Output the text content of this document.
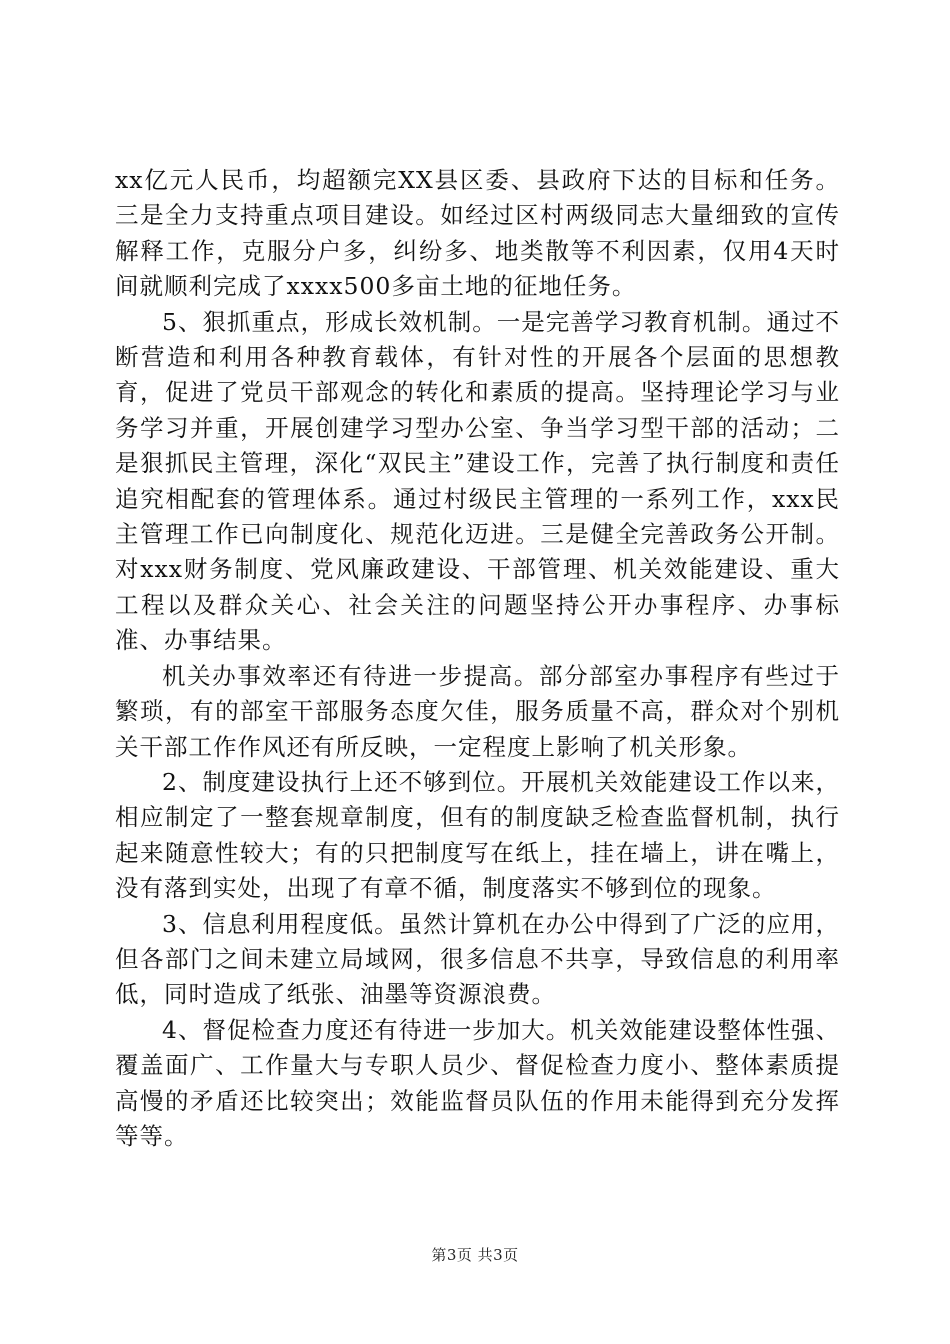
xx亿元人民币，均超额完XX县区委、县政府下达的目标和任务。三是全力支持重点项目建设。如经过区村两级同志大量细致的宣传解释工作，克服分户多，纠纷多、地类散等不利因素，仅用4天时间就顺利完成了xxxx500多亩土地的征地任务。

5、狠抓重点，形成长效机制。一是完善学习教育机制。通过不断营造和利用各种教育载体，有针对性的开展各个层面的思想教育，促进了党员干部观念的转化和素质的提高。坚持理论学习与业务学习并重，开展创建学习型办公室、争当学习型干部的活动；二是狠抓民主管理，深化“双民主”建设工作，完善了执行制度和责任追究相配套的管理体系。通过村级民主管理的一系列工作，xxx民主管理工作已向制度化、规范化迈进。三是健全完善政务公开制。对xxx财务制度、党风廉政建设、干部管理、机关效能建设、重大工程以及群众关心、社会关注的问题坚持公开办事程序、办事标准、办事结果。

机关办事效率还有待进一步提高。部分部室办事程序有些过于繁琐，有的部室干部服务态度欠佳，服务质量不高，群众对个别机关干部工作作风还有所反映，一定程度上影响了机关形象。

2、制度建设执行上还不够到位。开展机关效能建设工作以来，相应制定了一整套规章制度，但有的制度缺乏检查监督机制，执行起来随意性较大；有的只把制度写在纸上，挂在墙上，讲在嘴上，没有落到实处，出现了有章不循，制度落实不够到位的现象。

3、信息利用程度低。虽然计算机在办公中得到了广泛的应用，但各部门之间未建立局域网，很多信息不共享，导致信息的利用率低，同时造成了纸张、油墨等资源浪费。

4、督促检查力度还有待进一步加大。机关效能建设整体性强、覆盖面广、工作量大与专职人员少、督促检查力度小、整体素质提高慢的矛盾还比较突出；效能监督员队伍的作用未能得到充分发挥等等。

第3页 共3页
